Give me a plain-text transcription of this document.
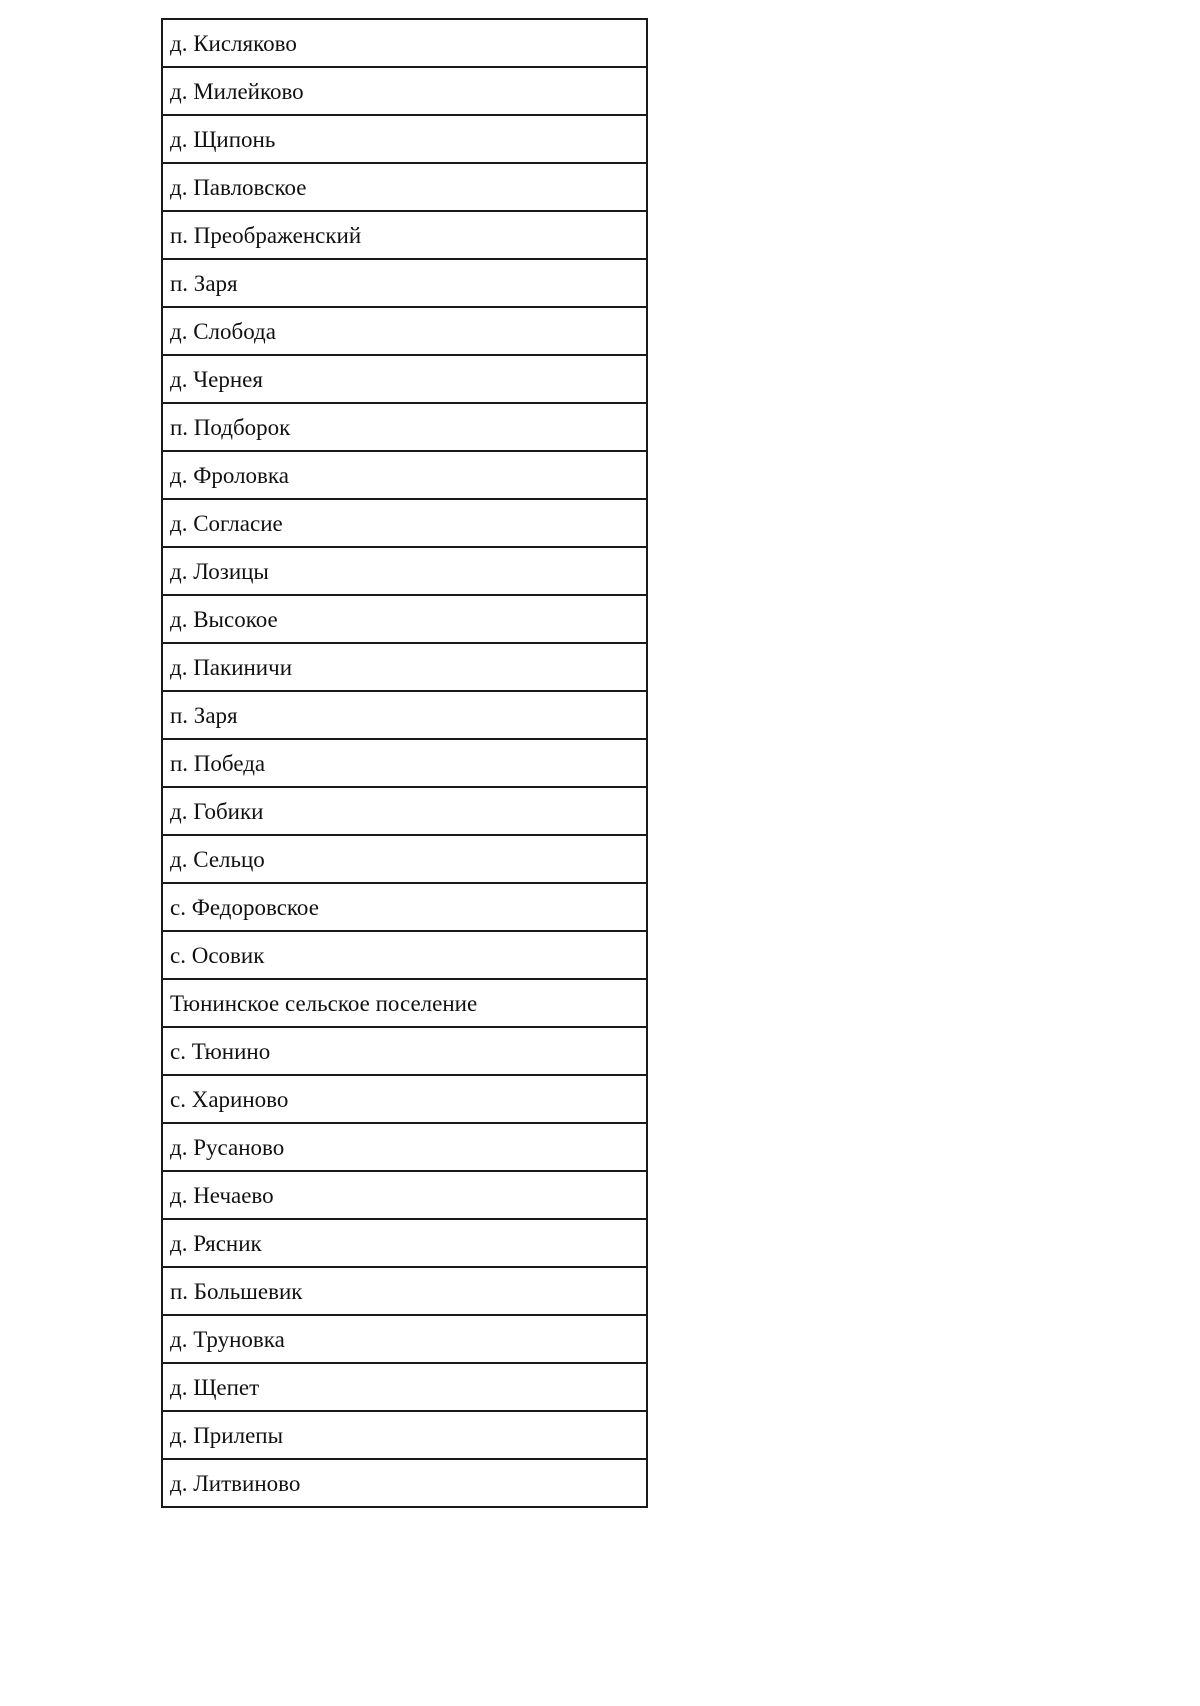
д. Кисляково
д. Милейково
д. Щипонь
д. Павловское
п. Преображенский
п. Заря
д. Слобода
д. Чернея
п. Подборок
д. Фроловка
д. Согласие
д. Лозицы
д. Высокое
д. Пакиничи
п. Заря
п. Победа
д. Гобики
д. Сельцо
с. Федоровское
с. Осовик
Тюнинское сельское поселение
с. Тюнино
с. Хариново
д. Русаново
д. Нечаево
д. Рясник
п. Большевик
д. Труновка
д. Щепет
д. Прилепы
д. Литвиново
